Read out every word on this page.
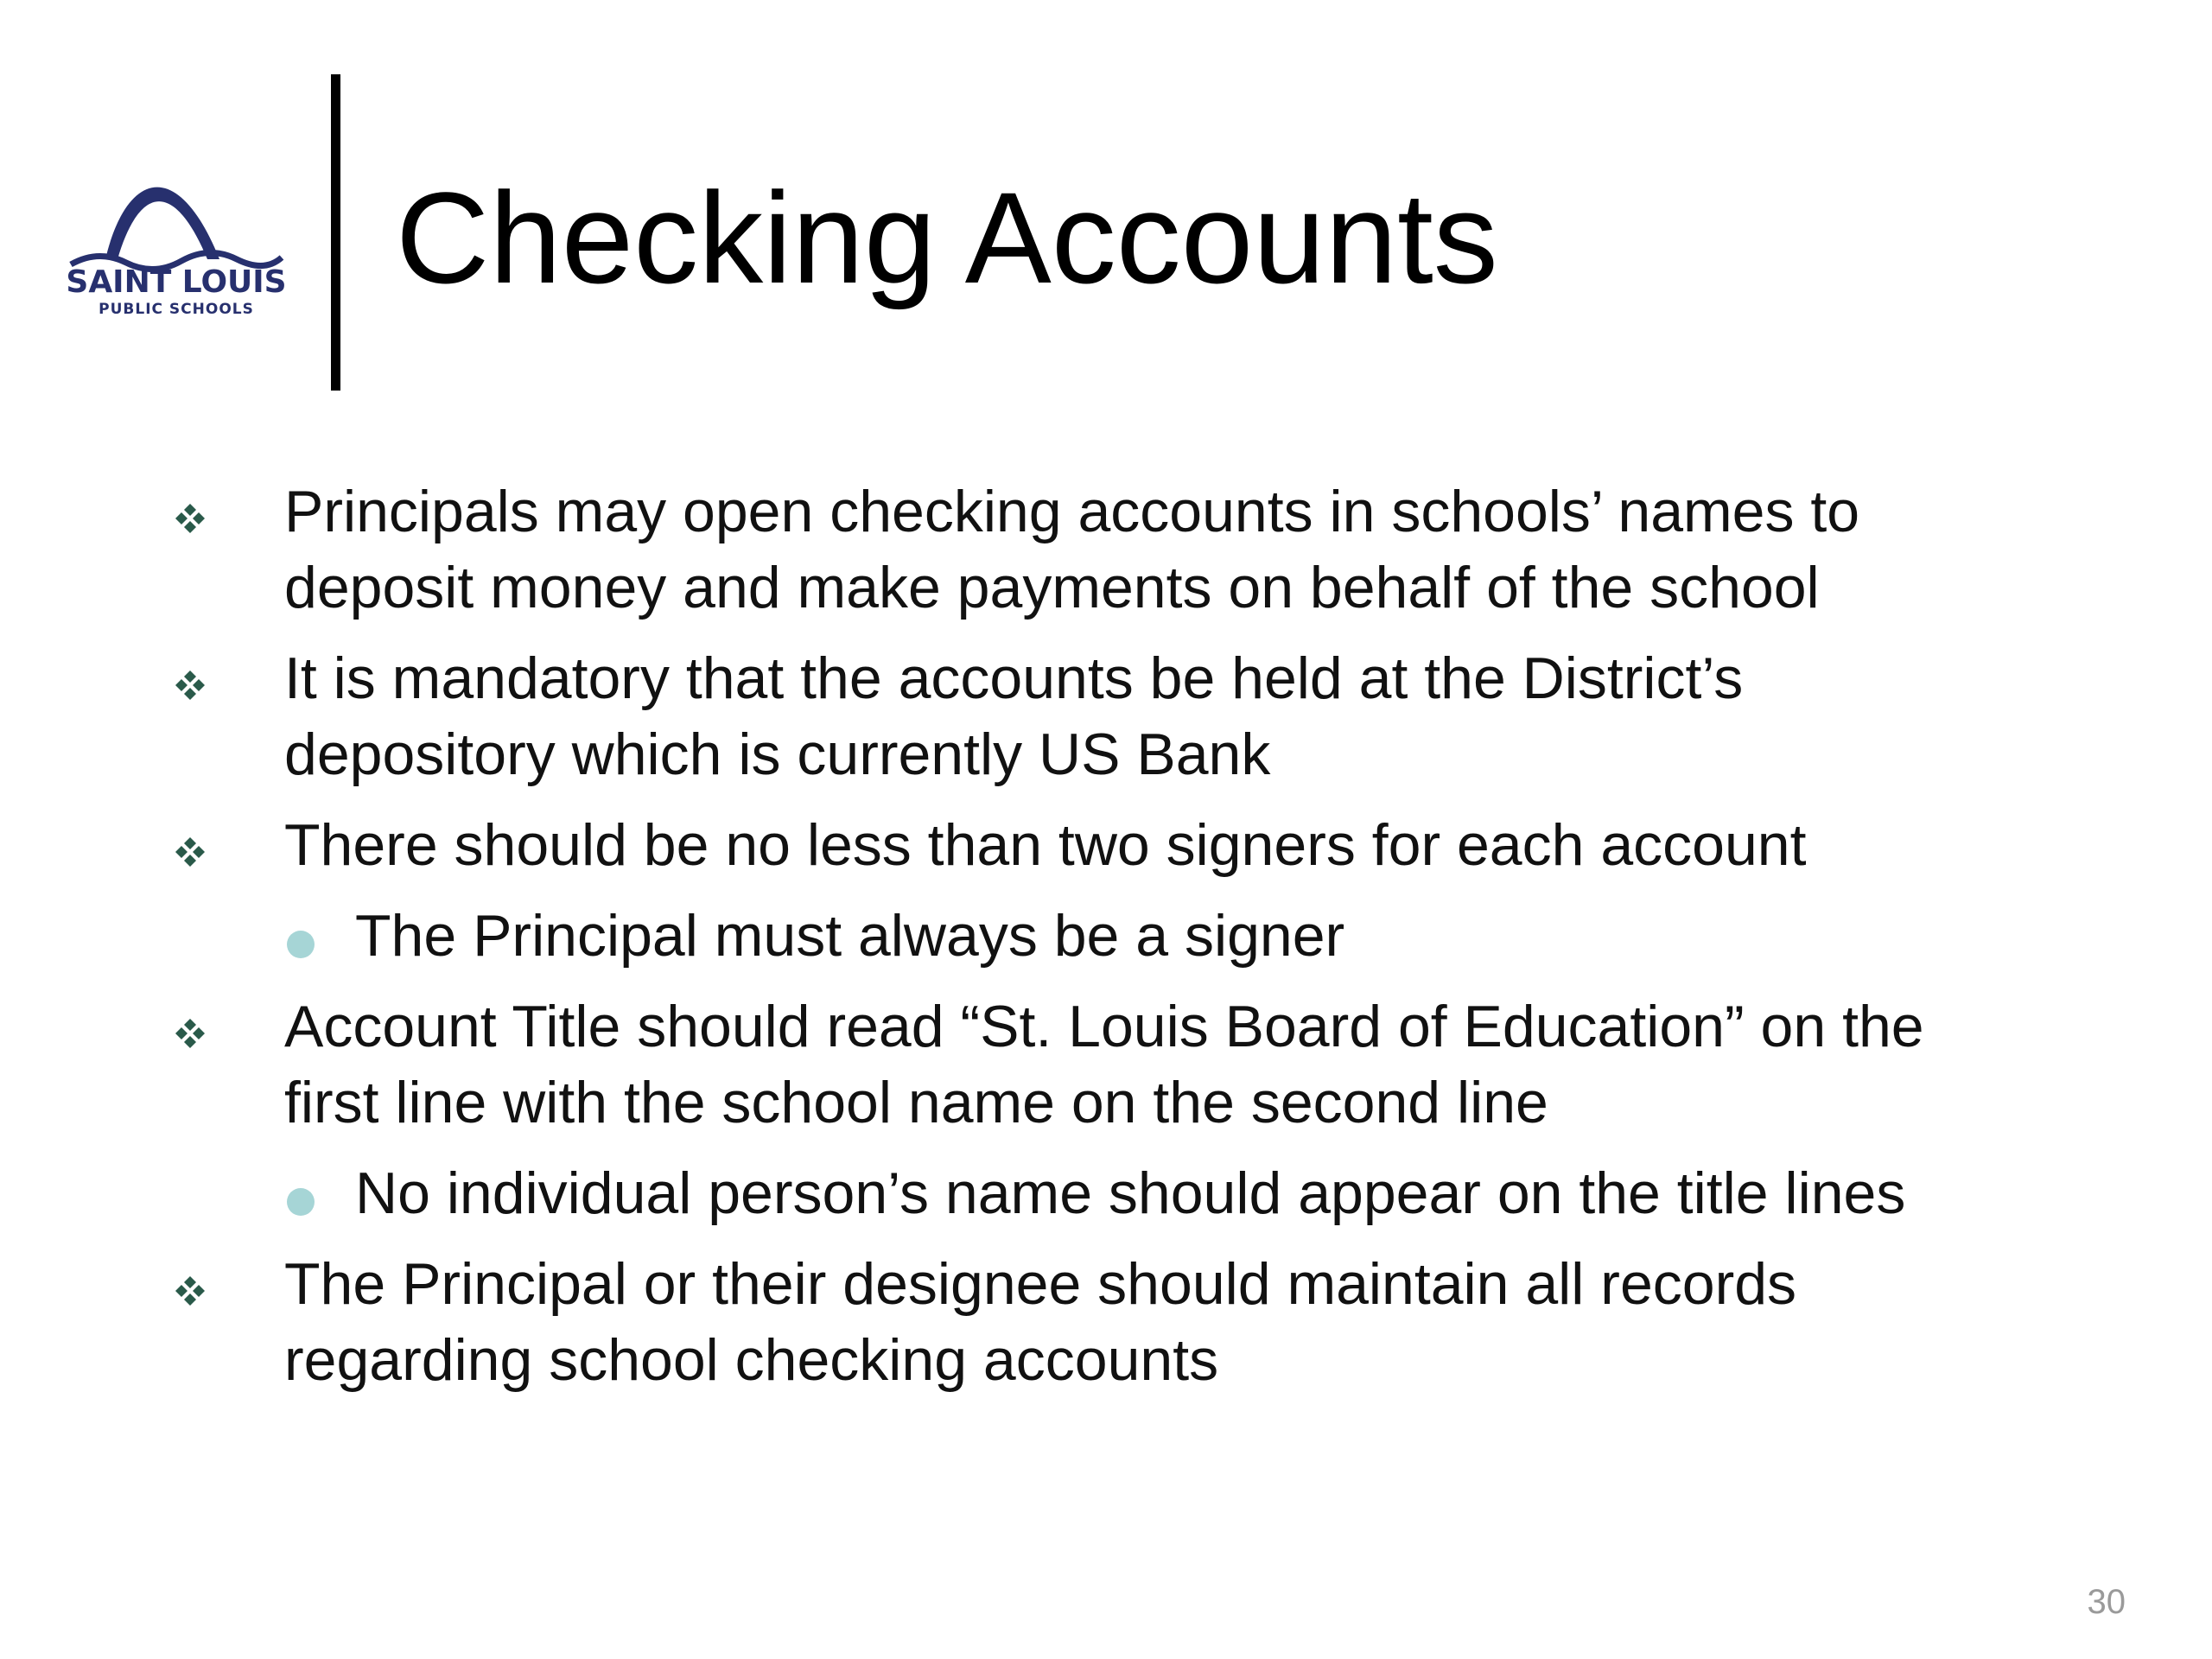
SAINT LOUIS
PUBLIC SCHOOLS Checking Accounts
Principals may open checking accounts in schools’ names to
deposit money and make payments on behalf of the school
It is mandatory that the accounts be held at the District’s
depository which is currently US Bank
There should be no less than two signers for each account
The Principal must always be a signer
Account Title should read “St. Louis Board of Education” on the
first line with the school name on the second line
No individual person’s name should appear on the title lines
The Principal or their designee should maintain all records
regarding school checking accounts
30
